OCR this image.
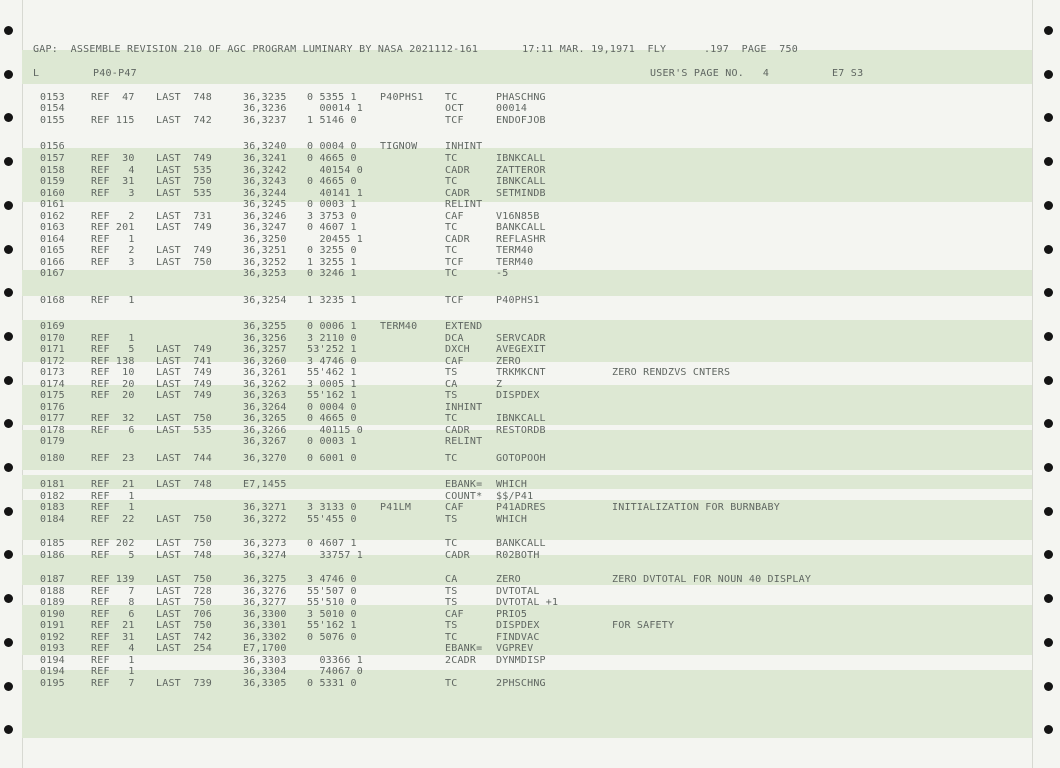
GAP:  ASSEMBLE REVISION 210 OF AGC PROGRAM LUMINARY BY NASA 2021112-161       17:11 MAR. 19,1971  FLY      .197  PAGE  750
L	P40-P47	USER'S PAGE NO.   4	E7 S3
0153	REF  47 LAST  748	36,3235 0 5355 1 P40PHS1 TC	PHASCHNG
0154	36,3236 00014 1	OCT	00014
0155	REF 115 LAST  742	36,3237 1 5146 0	TCF	ENDOFJOB
0156	36,3240 0 0004 0 TIGNOW	INHINT
0157	REF  30 LAST  749	36,3241 0 4665 0	TC	IBNKCALL
0158	REF   4 LAST  535	36,3242 40154 0	CADR	ZATTEROR
0159	REF  31 LAST  750	36,3243 0 4665 0	TC	IBNKCALL
0160	REF   3 LAST  535	36,3244 40141 1	CADR	SETMINDB
0161	36,3245 0 0003 1	RELINT
0162	REF   2 LAST  731	36,3246 3 3753 0	CAF	V16N85B
0163	REF 201 LAST  749	36,3247 0 4607 1	TC	BANKCALL
0164	REF   1	36,3250 20455 1	CADR	REFLASHR
0165	REF   2 LAST  749	36,3251 0 3255 0	TC	TERM40
0166	REF   3 LAST  750	36,3252 1 3255 1	TCF	TERM40
0167	36,3253 0 3246 1	TC	-5
0168	REF   1	36,3254 1 3235 1	TCF	P40PHS1
0169	36,3255 0 0006 1 TERM40	EXTEND
0170	REF   1	36,3256 3 2110 0	DCA	SERVCADR
0171	REF   5 LAST  749	36,3257 53'252 1	DXCH	AVEGEXIT
0172	REF 138 LAST  741	36,3260 3 4746 0	CAF	ZERO
0173	REF  10 LAST  749	36,3261 55'462 1	TS	TRKMKCNT	ZERO RENDZVS CNTERS
0174	REF  20 LAST  749	36,3262 3 0005 1	CA	Z
0175	REF  20 LAST  749	36,3263 55'162 1	TS	DISPDEX
0176	36,3264 0 0004 0	INHINT
0177	REF  32 LAST  750	36,3265 0 4665 0	TC	IBNKCALL
0178	REF   6 LAST  535	36,3266 40115 0	CADR	RESTORDB
0179	36,3267 0 0003 1	RELINT
0180	REF  23 LAST  744	36,3270 0 6001 0	TC	GOTOPOOH
0181	REF  21 LAST  748	E7,1455	EBANK= WHICH
0182	REF   1	COUNT* $$/P41
0183	REF   1	36,3271 3 3133 0 P41LM	CAF	P41ADRES	INITIALIZATION FOR BURNBABY
0184	REF  22 LAST  750	36,3272 55'455 0	TS	WHICH
0185	REF 202 LAST  750	36,3273 0 4607 1	TC	BANKCALL
0186	REF   5 LAST  748	36,3274 33757 1	CADR	R02BOTH
0187	REF 139 LAST  750	36,3275 3 4746 0	CA	ZERO	ZERO DVTOTAL FOR NOUN 40 DISPLAY
0188	REF   7 LAST  728	36,3276 55'507 0	TS	DVTOTAL
0189	REF   8 LAST  750	36,3277 55'510 0	TS	DVTOTAL +1
0190	REF   6 LAST  706	36,3300 3 5010 0	CAF	PRIO5
0191	REF  21 LAST  750	36,3301 55'162 1	TS	DISPDEX	FOR SAFETY
0192	REF  31 LAST  742	36,3302 0 5076 0	TC	FINDVAC
0193	REF   4 LAST  254	E7,1700	EBANK= VGPREV
0194	REF   1	36,3303 03366 1	2CADR DYNMDISP
0194	REF   1	36,3304 74067 0
0195	REF   7 LAST  739	36,3305 0 5331 0	TC	2PHSCHNG
